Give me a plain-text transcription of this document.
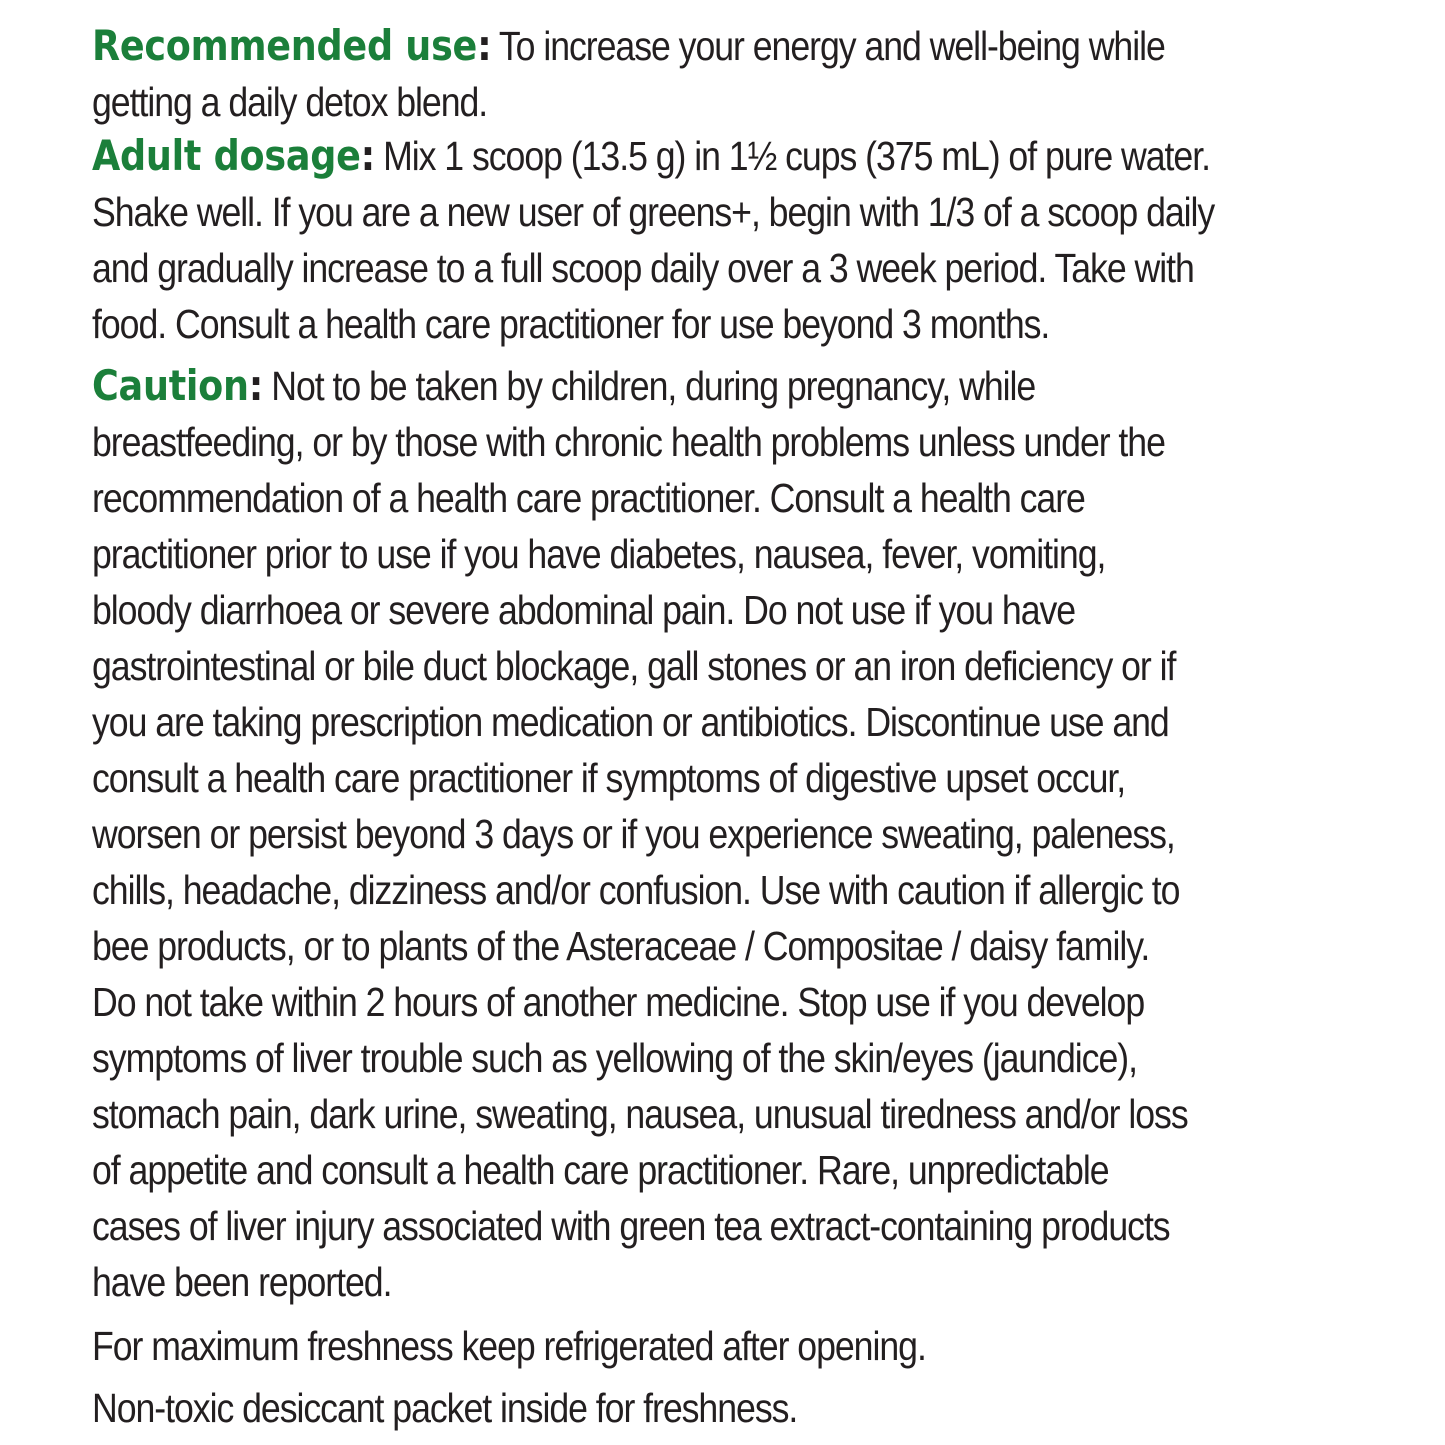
Recommended use: To increase your energy and well-being while
getting a daily detox blend.
Adult dosage: Mix 1 scoop (13.5 g) in 1½ cups (375 mL) of pure water.
Shake well. If you are a new user of greens+, begin with 1/3 of a scoop daily
and gradually increase to a full scoop daily over a 3 week period. Take with
food. Consult a health care practitioner for use beyond 3 months.
Caution: Not to be taken by children, during pregnancy, while
breastfeeding, or by those with chronic health problems unless under the
recommendation of a health care practitioner. Consult a health care
practitioner prior to use if you have diabetes, nausea, fever, vomiting,
bloody diarrhoea or severe abdominal pain. Do not use if you have
gastrointestinal or bile duct blockage, gall stones or an iron deficiency or if
you are taking prescription medication or antibiotics. Discontinue use and
consult a health care practitioner if symptoms of digestive upset occur,
worsen or persist beyond 3 days or if you experience sweating, paleness,
chills, headache, dizziness and/or confusion. Use with caution if allergic to
bee products, or to plants of the Asteraceae / Compositae / daisy family.
Do not take within 2 hours of another medicine. Stop use if you develop
symptoms of liver trouble such as yellowing of the skin/eyes (jaundice),
stomach pain, dark urine, sweating, nausea, unusual tiredness and/or loss
of appetite and consult a health care practitioner. Rare, unpredictable
cases of liver injury associated with green tea extract-containing products
have been reported.
For maximum freshness keep refrigerated after opening.
Non-toxic desiccant packet inside for freshness.
